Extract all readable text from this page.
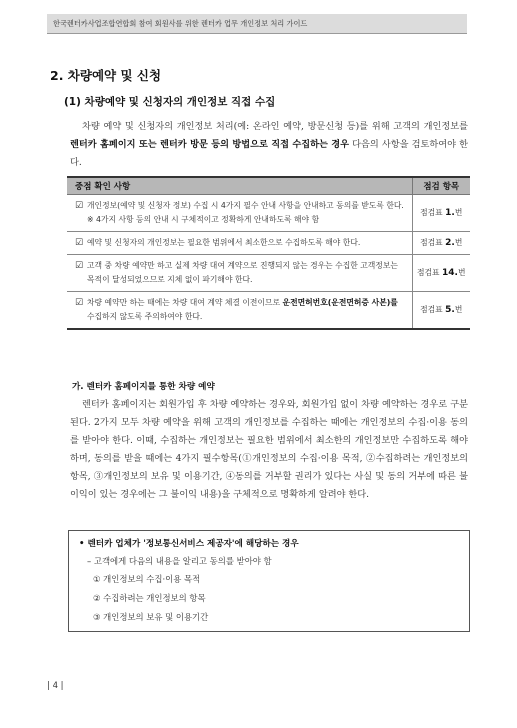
한국렌터카사업조합연합회 참여 회원사를 위한 렌터카 업무 개인정보 처리 가이드
2. 차량예약 및 신청
(1) 차량예약 및 신청자의 개인정보 직접 수집
차량 예약 및 신청자의 개인정보 처리(예: 온라인 예약, 방문신청 등)를 위해 고객의 개인정보를 렌터카 홈페이지 또는 렌터카 방문 등의 방법으로 직접 수집하는 경우 다음의 사항을 검토하여야 한다.
중점 확인 사항	점검 항목

☑ 개인정보(예약 및 신청자 정보) 수집 시 4가지 필수 안내 사항을 안내하고 동의를 받도록 한다.
※ 4가지 사항 등의 안내 시 구체적이고 정확하게 안내하도록 해야 함	점검표 1.번

☑ 예약 및 신청자의 개인정보는 필요한 범위에서 최소한으로 수집하도록 해야 한다.	점검표 2.번

☑ 고객 중 차량 예약만 하고 실제 차량 대여 계약으로 진행되지 않는 경우는 수집한 고객정보는 목적이 달성되었으므로 지체 없이 파기해야 한다.	점검표 14.번

☑ 차량 예약만 하는 때에는 차량 대여 계약 체결 이전이므로 운전면허번호(운전면허증 사본)를 수집하지 않도록 주의하여야 한다.	점검표 5.번
가. 렌터카 홈페이지를 통한 차량 예약
렌터카 홈페이지는 회원가입 후 차량 예약하는 경우와, 회원가입 없이 차량 예약하는 경우로 구분된다. 2가지 모두 차량 예약을 위해 고객의 개인정보를 수집하는 때에는 개인정보의 수집·이용 동의를 받아야 한다. 이때, 수집하는 개인정보는 필요한 범위에서 최소한의 개인정보만 수집하도록 해야 하며, 동의를 받을 때에는 4가지 필수항목(①개인정보의 수집·이용 목적, ②수집하려는 개인정보의 항목, ③개인정보의 보유 및 이용기간, ④동의를 거부할 권리가 있다는 사실 및 동의 거부에 따른 불이익이 있는 경우에는 그 불이익 내용)을 구체적으로 명확하게 알려야 한다.
• 렌터카 업체가 '정보통신서비스 제공자'에 해당하는 경우
– 고객에게 다음의 내용을 알리고 동의를 받아야 함
① 개인정보의 수집·이용 목적
② 수집하려는 개인정보의 항목
③ 개인정보의 보유 및 이용기간
| 4 |
